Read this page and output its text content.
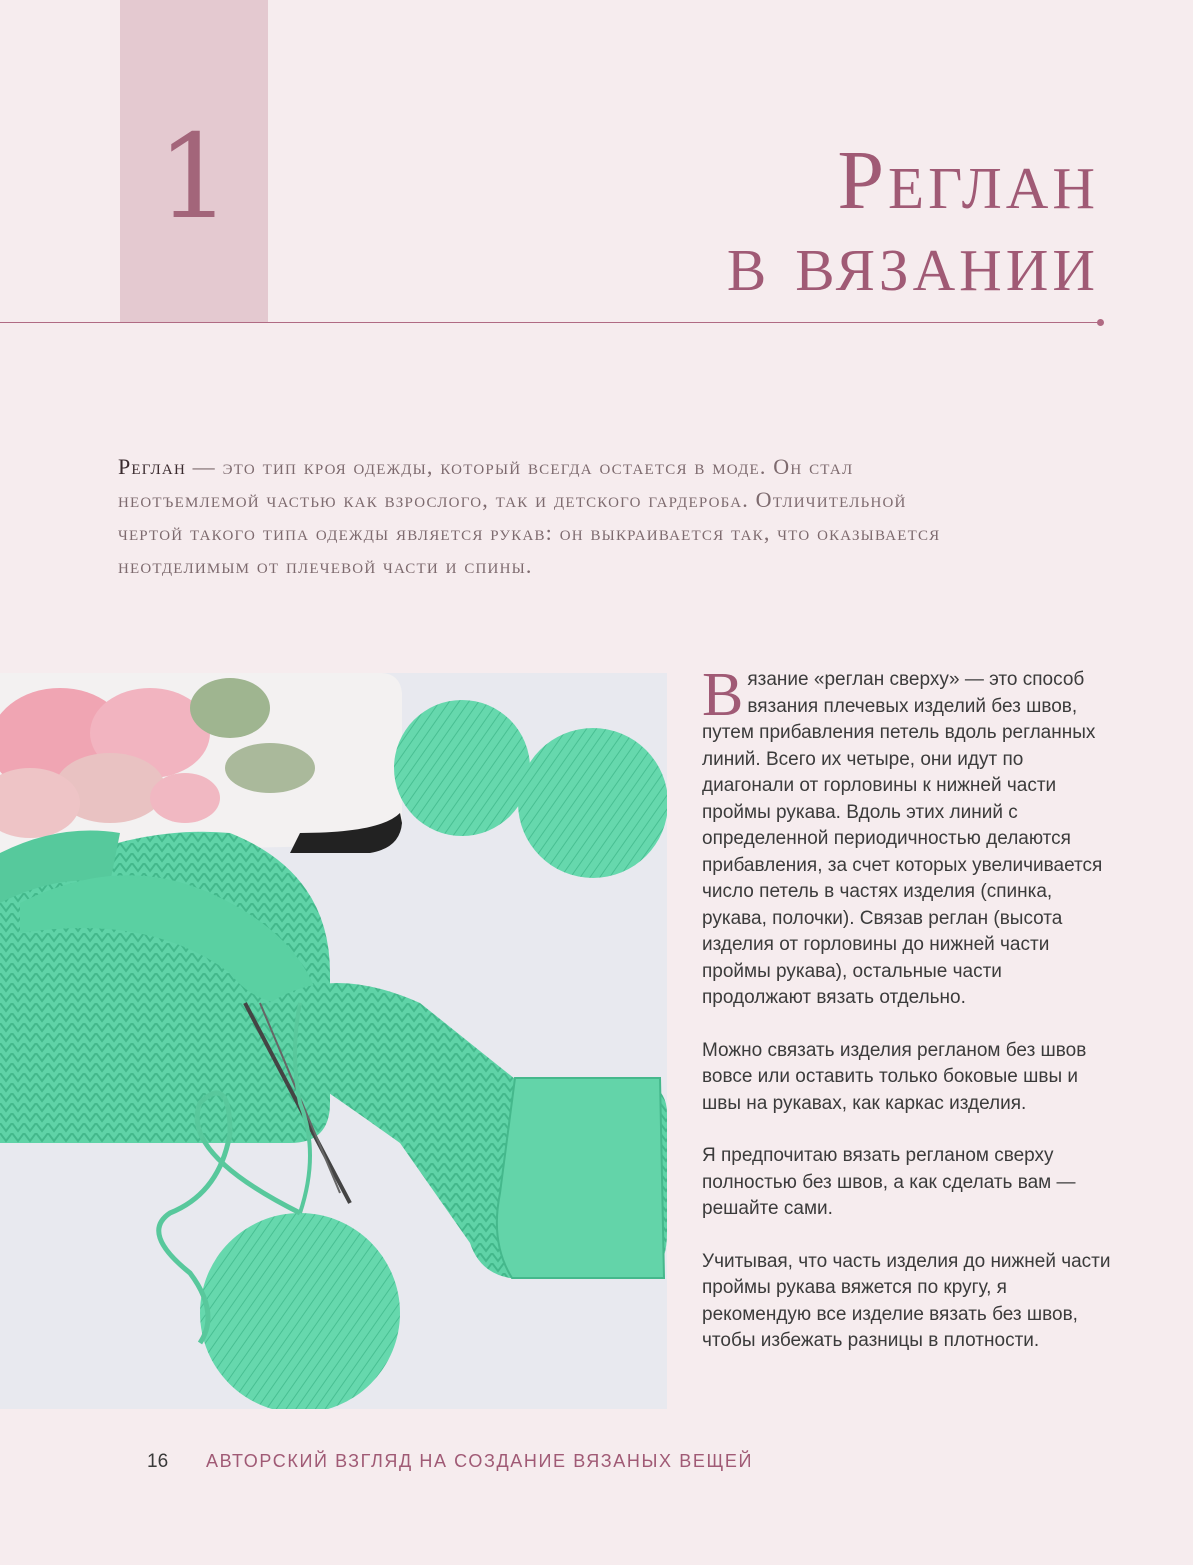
1	Реглан
в вязании
Реглан — это тип кроя одежды, который всегда остается в моде. Он стал неотъемлемой частью как взрослого, так и детского гардероба. Отличительной чертой такого типа одежды является рукав: он выкраивается так, что оказывается неотделимым от плечевой части и спины.

Вязание «реглан сверху» — это способ вязания плечевых изделий без швов, путем прибавления петель вдоль регланных линий. Всего их четыре, они идут по диагонали от горловины к нижней части проймы рукава. Вдоль этих линий с определенной периодичностью делаются прибавления, за счет которых увеличивается число петель в частях изделия (спинка, рукава, полочки). Связав реглан (высота изделия от горловины до нижней части проймы рукава), остальные части продолжают вязать отдельно.

Можно связать изделия регланом без швов вовсе или оставить только боковые швы и швы на рукавах, как каркас изделия.

Я предпочитаю вязать регланом сверху полностью без швов, а как сделать вам — решайте сами.

Учитывая, что часть изделия до нижней части проймы рукава вяжется по кругу, я рекомендую все изделие вязать без швов, чтобы избежать разницы в плотности.

16 АВТОРСКИЙ ВЗГЛЯД НА СОЗДАНИЕ ВЯЗАНЫХ ВЕЩЕЙ
